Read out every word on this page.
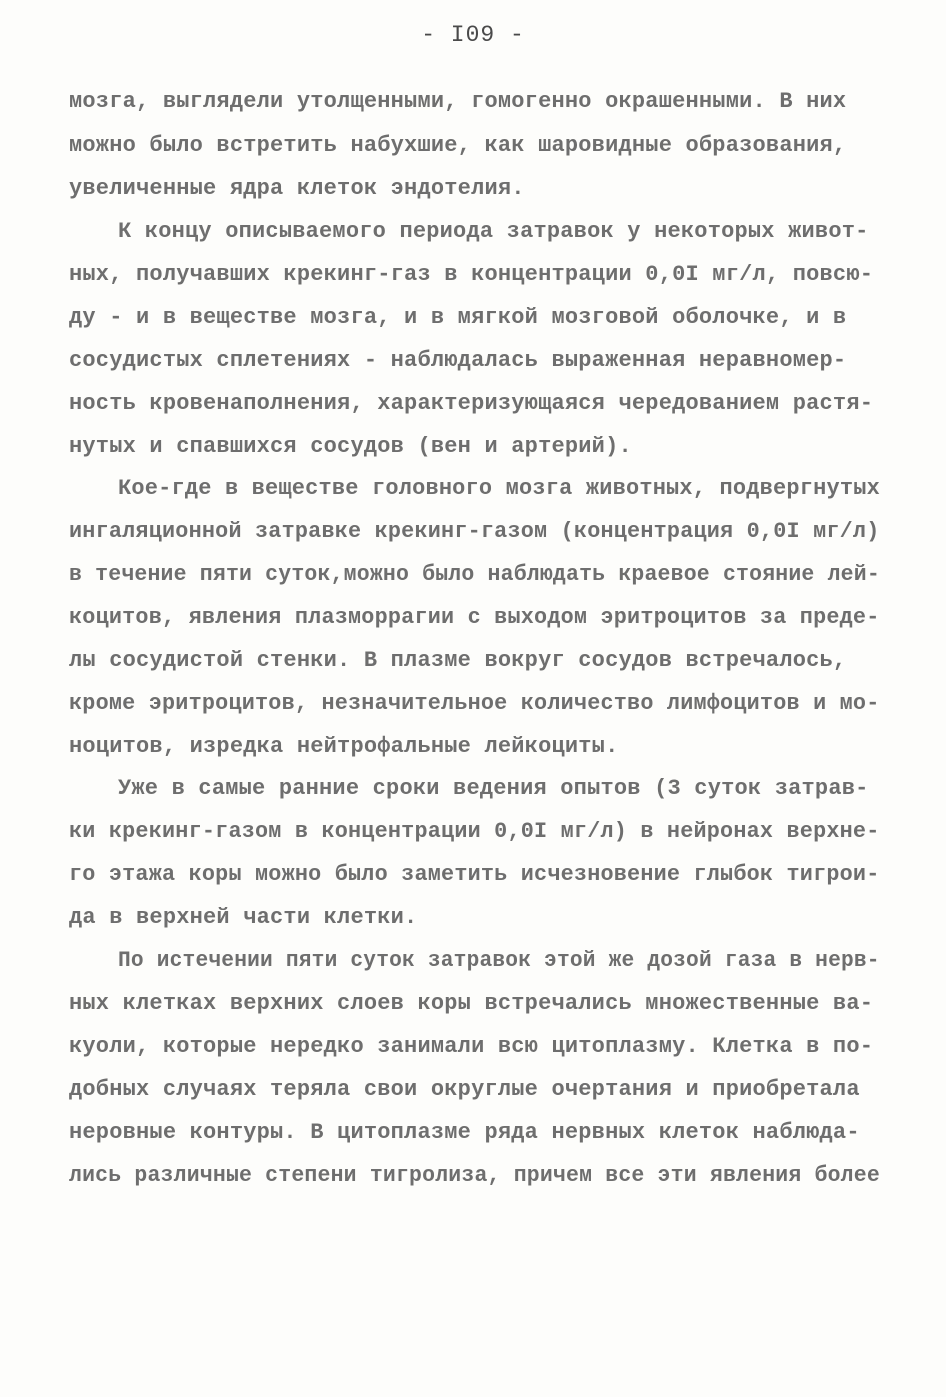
- I09 -
мозга, выглядели утолщенными, гомогенно окрашенными. В них
можно было встретить набухшие, как шаровидные образования,
увеличенные ядра клеток эндотелия.
К концу описываемого периода затравок у некоторых живот-
ных, получавших крекинг-газ в концентрации 0,0I мг/л, повсю-
ду - и в веществе мозга, и в мягкой мозговой оболочке, и в
сосудистых сплетениях - наблюдалась выраженная неравномер-
ность кровенаполнения, характеризующаяся чередованием растя-
нутых и спавшихся сосудов (вен и артерий).
Кое-где в веществе головного мозга животных, подвергнутых
ингаляционной затравке крекинг-газом (концентрация 0,0I мг/л)
в течение пяти суток,можно было наблюдать краевое стояние лей-
коцитов, явления плазморрагии с выходом эритроцитов за преде-
лы сосудистой стенки. В плазме вокруг сосудов встречалось,
кроме эритроцитов, незначительное количество лимфоцитов и мо-
ноцитов, изредка нейтрофальные лейкоциты.
Уже в самые ранние сроки ведения опытов (3 суток затрав-
ки крекинг-газом в концентрации 0,0I мг/л) в нейронах верхне-
го этажа коры можно было заметить исчезновение глыбок тигрои-
да в верхней части клетки.
По истечении пяти суток затравок этой же дозой газа в нерв-
ных клетках верхних слоев коры встречались множественные ва-
куоли, которые нередко занимали всю цитоплазму. Клетка в по-
добных случаях теряла свои округлые очертания и приобретала
неровные контуры. В цитоплазме ряда нервных клеток наблюда-
лись различные степени тигролиза, причем все эти явления более
